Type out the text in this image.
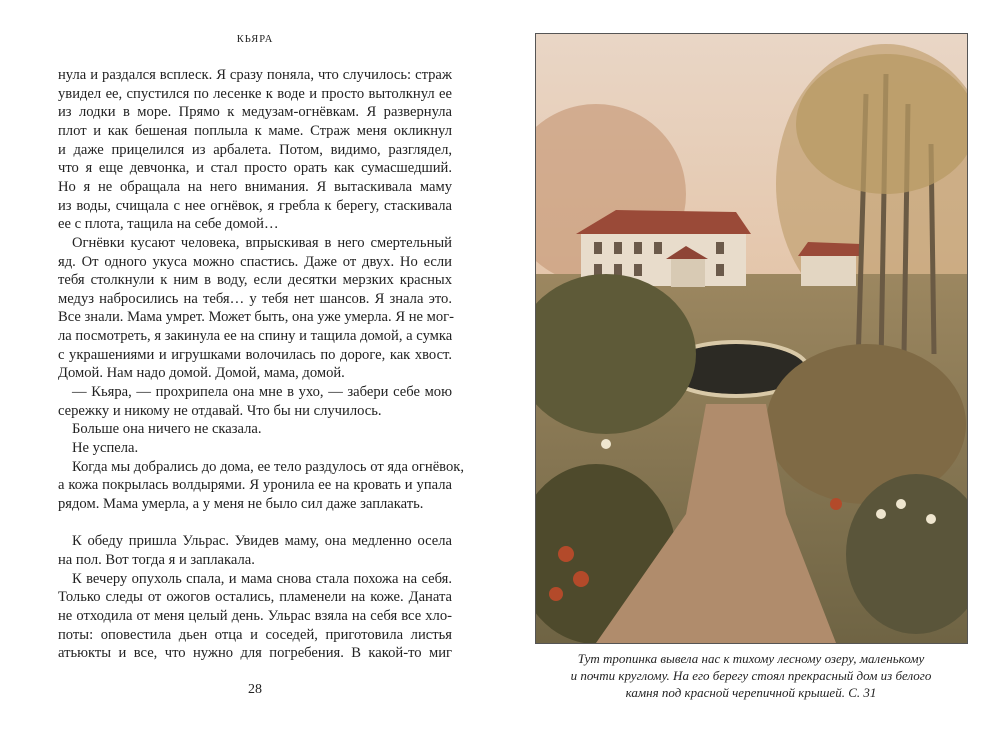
КЬЯРА
нула и раздался всплеск. Я сразу поняла, что случилось: страж
увидел ее, спустился по лесенке к воде и просто вытолкнул ее
из лодки в море. Прямо к медузам-огнёвкам. Я развернула
плот и как бешеная поплыла к маме. Страж меня окликнул
и даже прицелился из арбалета. Потом, видимо, разглядел,
что я еще девчонка, и стал просто орать как сумасшедший.
Но я не обращала на него внимания. Я вытаскивала маму
из воды, счищала с нее огнёвок, я гребла к берегу, стаскивала
ее с плота, тащила на себе домой…
Огнёвки кусают человека, впрыскивая в него смертельный
яд. От одного укуса можно спастись. Даже от двух. Но если
тебя столкнули к ним в воду, если десятки мерзких красных
медуз набросились на тебя… у тебя нет шансов. Я знала это.
Все знали. Мама умрет. Может быть, она уже умерла. Я не мог-
ла посмотреть, я закинула ее на спину и тащила домой, а сумка
с украшениями и игрушками волочилась по дороге, как хвост.
Домой. Нам надо домой. Домой, мама, домой.
— Кьяра, — прохрипела она мне в ухо, — забери себе мою
сережку и никому не отдавай. Что бы ни случилось.
Больше она ничего не сказала.
Не успела.
Когда мы добрались до дома, ее тело раздулось от яда огнёвок,
а кожа покрылась волдырями. Я уронила ее на кровать и упала
рядом. Мама умерла, а у меня не было сил даже заплакать.
К обеду пришла Ульрас. Увидев маму, она медленно осела
на пол. Вот тогда я и заплакала.
К вечеру опухоль спала, и мама снова стала похожа на себя.
Только следы от ожогов остались, пламенели на коже. Даната
не отходила от меня целый день. Ульрас взяла на себя все хло-
поты: оповестила дьен отца и соседей, приготовила листья
атьюкты и все, что нужно для погребения. В какой-то миг
28
Тут тропинка вывела нас к тихому лесному озеру, маленькому
и почти круглому. На его берегу стоял прекрасный дом из белого
камня под красной черепичной крышей. С. 31
